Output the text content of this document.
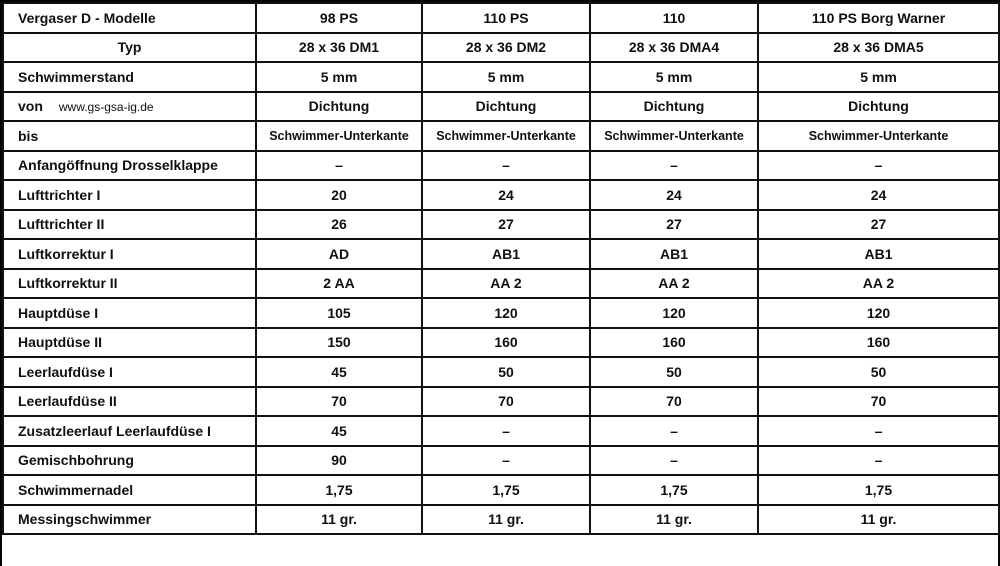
Vergaser D - Modelle	98 PS	110 PS	110	110 PS Borg Warner
Typ	28 x 36 DM1	28 x 36 DM2	28 x 36 DMA4	28 x 36 DMA5
Schwimmerstand	5 mm	5 mm	5 mm	5 mm
von www.gs-gsa-ig.de	Dichtung	Dichtung	Dichtung	Dichtung
bis	Schwimmer-Unterkante	Schwimmer-Unterkante	Schwimmer-Unterkante	Schwimmer-Unterkante
Anfangöffnung Drosselklappe	–	–	–	–
Lufttrichter I	20	24	24	24
Lufttrichter II	26	27	27	27
Luftkorrektur I	AD	AB1	AB1	AB1
Luftkorrektur II	2 AA	AA 2	AA 2	AA 2
Hauptdüse I	105	120	120	120
Hauptdüse II	150	160	160	160
Leerlaufdüse I	45	50	50	50
Leerlaufdüse II	70	70	70	70
Zusatzleerlauf Leerlaufdüse I	45	–	–	–
Gemischbohrung	90	–	–	–
Schwimmernadel	1,75	1,75	1,75	1,75
Messingschwimmer	11 gr.	11 gr.	11 gr.	11 gr.
